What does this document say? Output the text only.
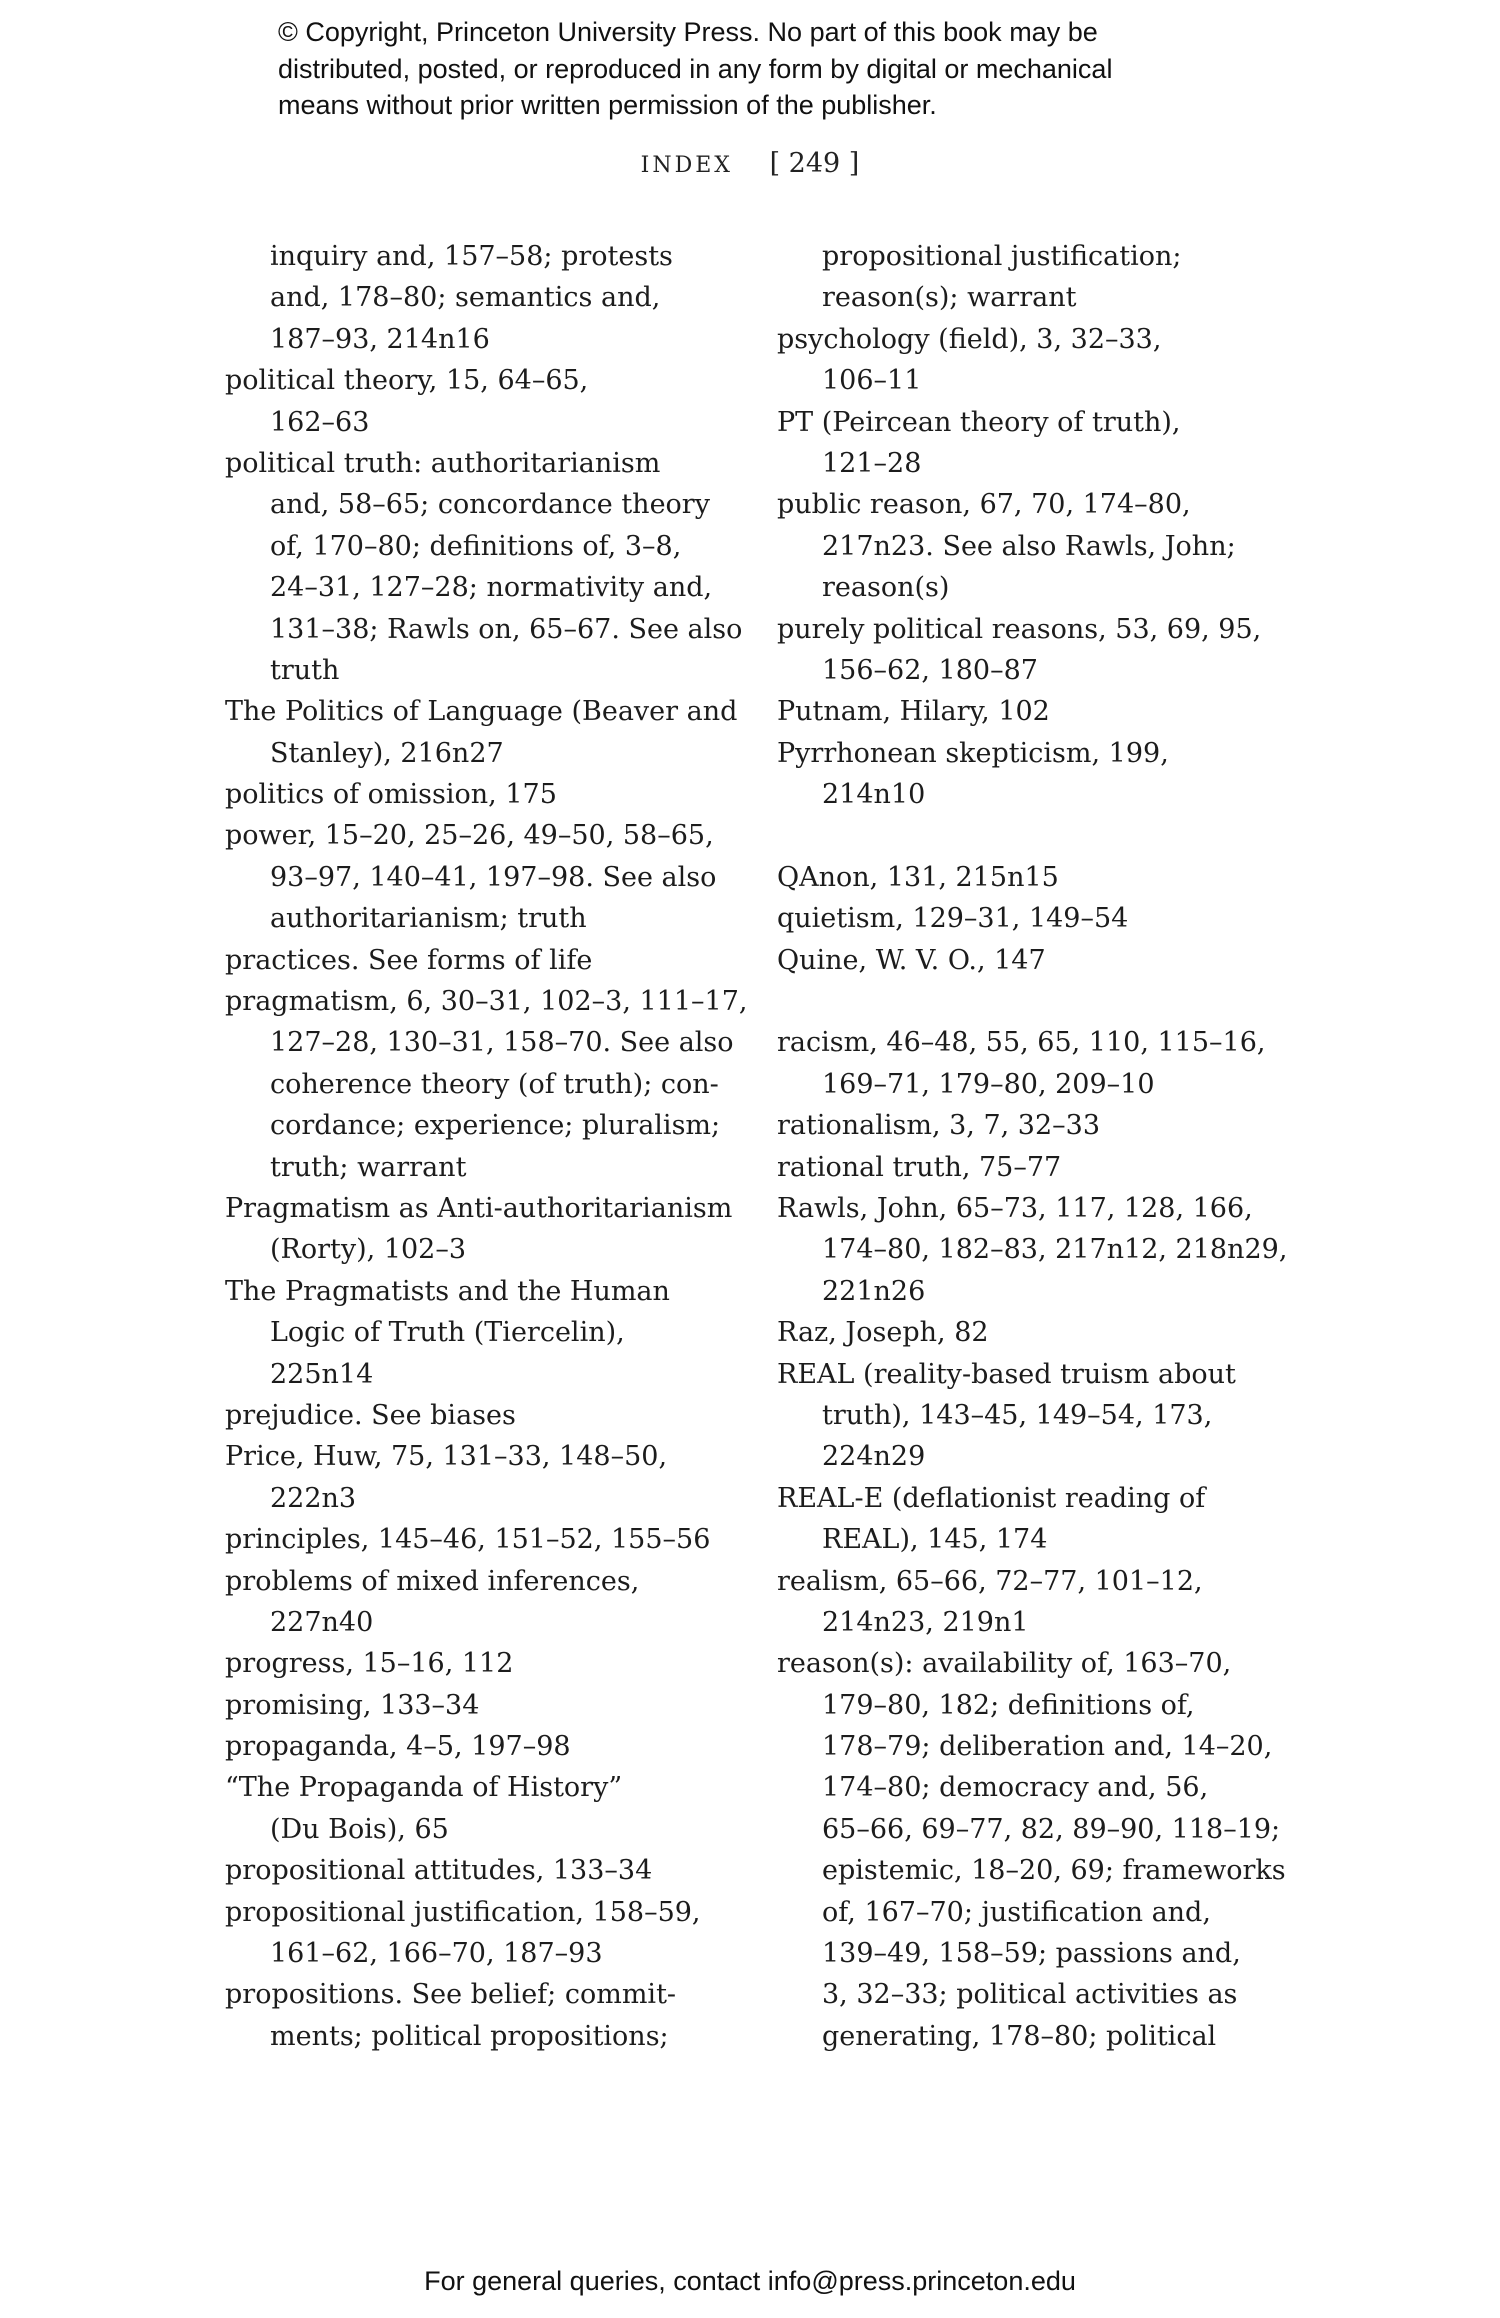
© Copyright, Princeton University Press. No part of this book may be
distributed, posted, or reproduced in any form by digital or mechanical
means without prior written permission of the publisher.
INDEX [ 249 ]
inquiry and, 157–58; protests
and, 178–80; semantics and,
187–93, 214n16
political theory, 15, 64–65,
162–63
political truth: authoritarianism
and, 58–65; concordance theory
of, 170–80; definitions of, 3–8,
24–31, 127–28; normativity and,
131–38; Rawls on, 65–67. See also
truth
The Politics of Language (Beaver and
Stanley), 216n27
politics of omission, 175
power, 15–20, 25–26, 49–50, 58–65,
93–97, 140–41, 197–98. See also
authoritarianism; truth
practices. See forms of life
pragmatism, 6, 30–31, 102–3, 111–17,
127–28, 130–31, 158–70. See also
coherence theory (of truth); con-
cordance; experience; pluralism;
truth; warrant
Pragmatism as Anti-authoritarianism
(Rorty), 102–3
The Pragmatists and the Human
Logic of Truth (Tiercelin),
225n14
prejudice. See biases
Price, Huw, 75, 131–33, 148–50,
222n3
principles, 145–46, 151–52, 155–56
problems of mixed inferences,
227n40
progress, 15–16, 112
promising, 133–34
propaganda, 4–5, 197–98
“The Propaganda of History”
(Du Bois), 65
propositional attitudes, 133–34
propositional justification, 158–59,
161–62, 166–70, 187–93
propositions. See belief; commit-
ments; political propositions;
propositional justification;
reason(s); warrant
psychology (field), 3, 32–33,
106–11
PT (Peircean theory of truth),
121–28
public reason, 67, 70, 174–80,
217n23. See also Rawls, John;
reason(s)
purely political reasons, 53, 69, 95,
156–62, 180–87
Putnam, Hilary, 102
Pyrrhonean skepticism, 199,
214n10
QAnon, 131, 215n15
quietism, 129–31, 149–54
Quine, W. V. O., 147
racism, 46–48, 55, 65, 110, 115–16,
169–71, 179–80, 209–10
rationalism, 3, 7, 32–33
rational truth, 75–77
Rawls, John, 65–73, 117, 128, 166,
174–80, 182–83, 217n12, 218n29,
221n26
Raz, Joseph, 82
REAL (reality-based truism about
truth), 143–45, 149–54, 173,
224n29
REAL-E (deflationist reading of
REAL), 145, 174
realism, 65–66, 72–77, 101–12,
214n23, 219n1
reason(s): availability of, 163–70,
179–80, 182; definitions of,
178–79; deliberation and, 14–20,
174–80; democracy and, 56,
65–66, 69–77, 82, 89–90, 118–19;
epistemic, 18–20, 69; frameworks
of, 167–70; justification and,
139–49, 158–59; passions and,
3, 32–33; political activities as
generating, 178–80; political
For general queries, contact info@press.princeton.edu
